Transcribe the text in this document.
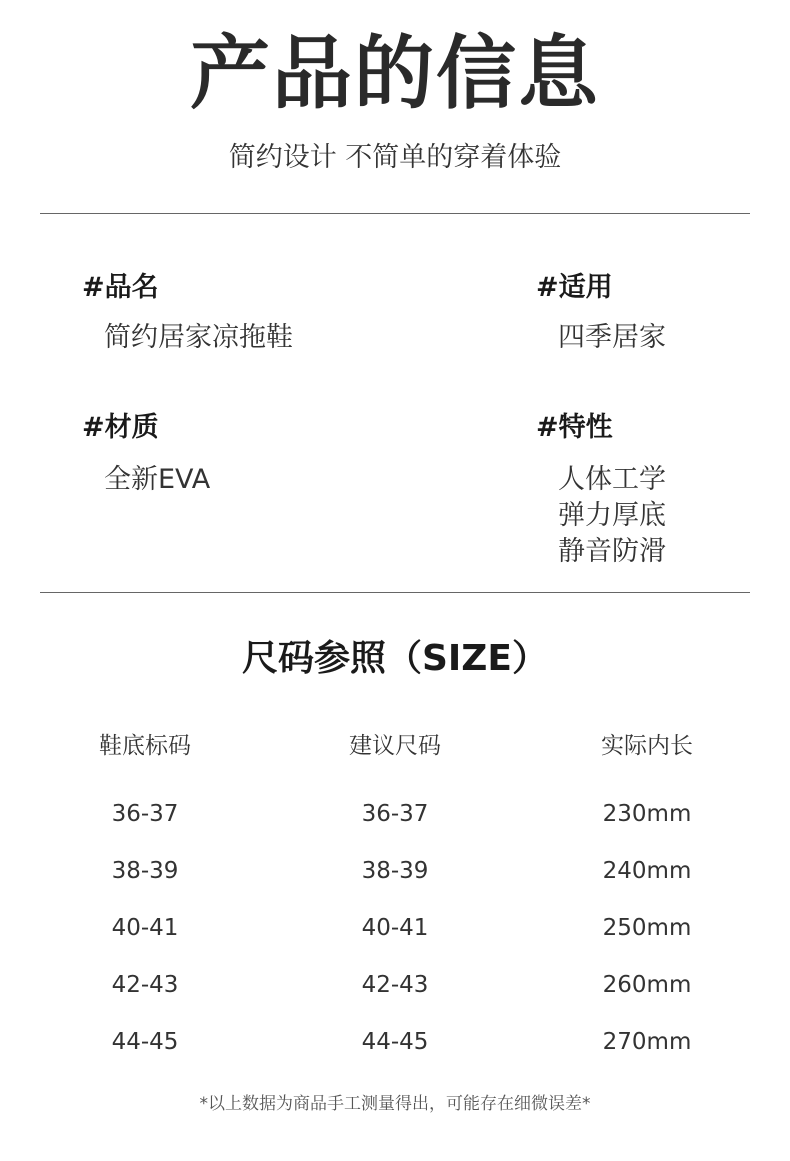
产品的信息
简约设计 不简单的穿着体验
#品名
简约居家凉拖鞋
#适用
四季居家
#材质
全新EVA
#特性
人体工学
弹力厚底
静音防滑
尺码参照（SIZE）
鞋底标码
36-37
38-39
40-41
42-43
44-45
建议尺码
36-37
38-39
40-41
42-43
44-45
实际内长
230mm
240mm
250mm
260mm
270mm
*以上数据为商品手工测量得出，可能存在细微误差*
